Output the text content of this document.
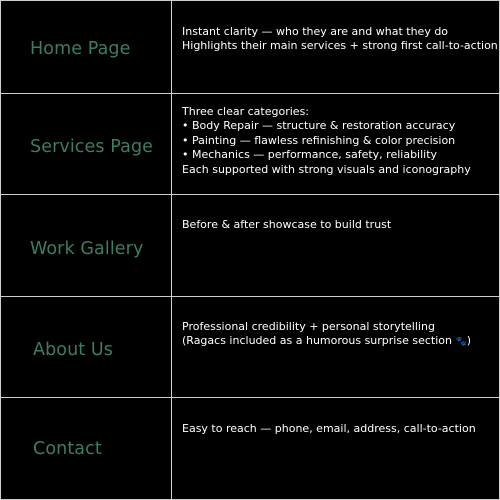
Home Page
Instant clarity — who they are and what they do
Highlights their main services + strong first call-to-action
Services Page
Three clear categories:
• Body Repair — structure & restoration accuracy
• Painting — flawless refinishing & color precision
• Mechanics — performance, safety, reliability
Each supported with strong visuals and iconography
Work Gallery
Before & after showcase to build trust
About Us
Professional credibility + personal storytelling
(Ragacs included as a humorous surprise section 🐾)
Contact
Easy to reach — phone, email, address, call-to-action
